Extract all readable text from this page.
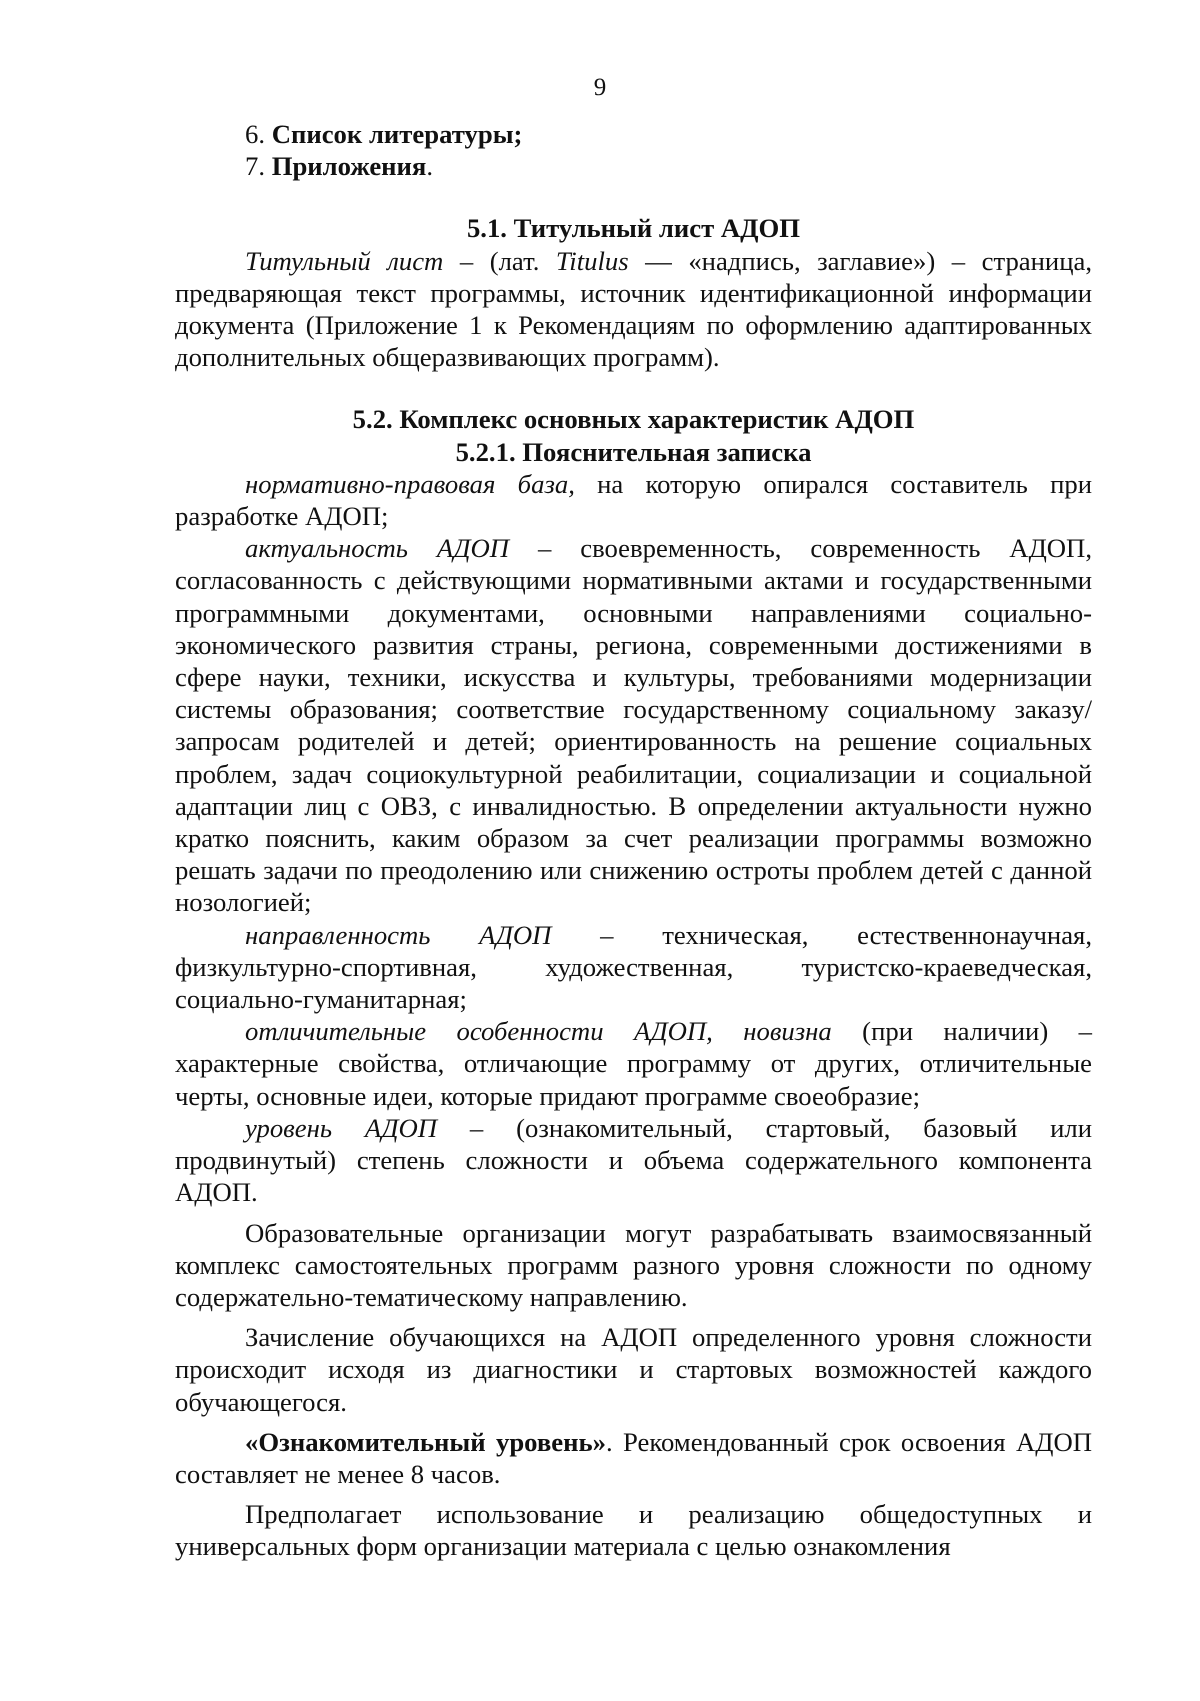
9

6. Список литературы;

7. Приложения.

5.1. Титульный лист АДОП

Титульный лист – (лат. Titulus — «надпись, заглавие») – страница, предваряющая текст программы, источник идентификационной информации документа (Приложение 1 к Рекомендациям по оформлению адаптированных дополнительных общеразвивающих программ).

5.2. Комплекс основных характеристик АДОП

5.2.1. Пояснительная записка

нормативно-правовая база, на которую опирался составитель при разработке АДОП;

актуальность АДОП – своевременность, современность АДОП, согласованность с действующими нормативными актами и государственными программными документами, основными направлениями социально-экономического развития страны, региона, современными достижениями в сфере науки, техники, искусства и культуры, требованиями модернизации системы образования; соответствие государственному социальному заказу/запросам родителей и детей; ориентированность на решение социальных проблем, задач социокультурной реабилитации, социализации и социальной адаптации лиц с ОВЗ, с инвалидностью. В определении актуальности нужно кратко пояснить, каким образом за счет реализации программы возможно решать задачи по преодолению или снижению остроты проблем детей с данной нозологией;

направленность АДОП – техническая, естественнонаучная, физкультурно-спортивная, художественная, туристско-краеведческая, социально-гуманитарная;

отличительные особенности АДОП, новизна (при наличии) – характерные свойства, отличающие программу от других, отличительные черты, основные идеи, которые придают программе своеобразие;

уровень АДОП – (ознакомительный, стартовый, базовый или продвинутый) степень сложности и объема содержательного компонента АДОП.

Образовательные организации могут разрабатывать взаимосвязанный комплекс самостоятельных программ разного уровня сложности по одному содержательно-тематическому направлению.

Зачисление обучающихся на АДОП определенного уровня сложности происходит исходя из диагностики и стартовых возможностей каждого обучающегося.

«Ознакомительный уровень». Рекомендованный срок освоения АДОП составляет не менее 8 часов.

Предполагает использование и реализацию общедоступных и универсальных форм организации материала с целью ознакомления
